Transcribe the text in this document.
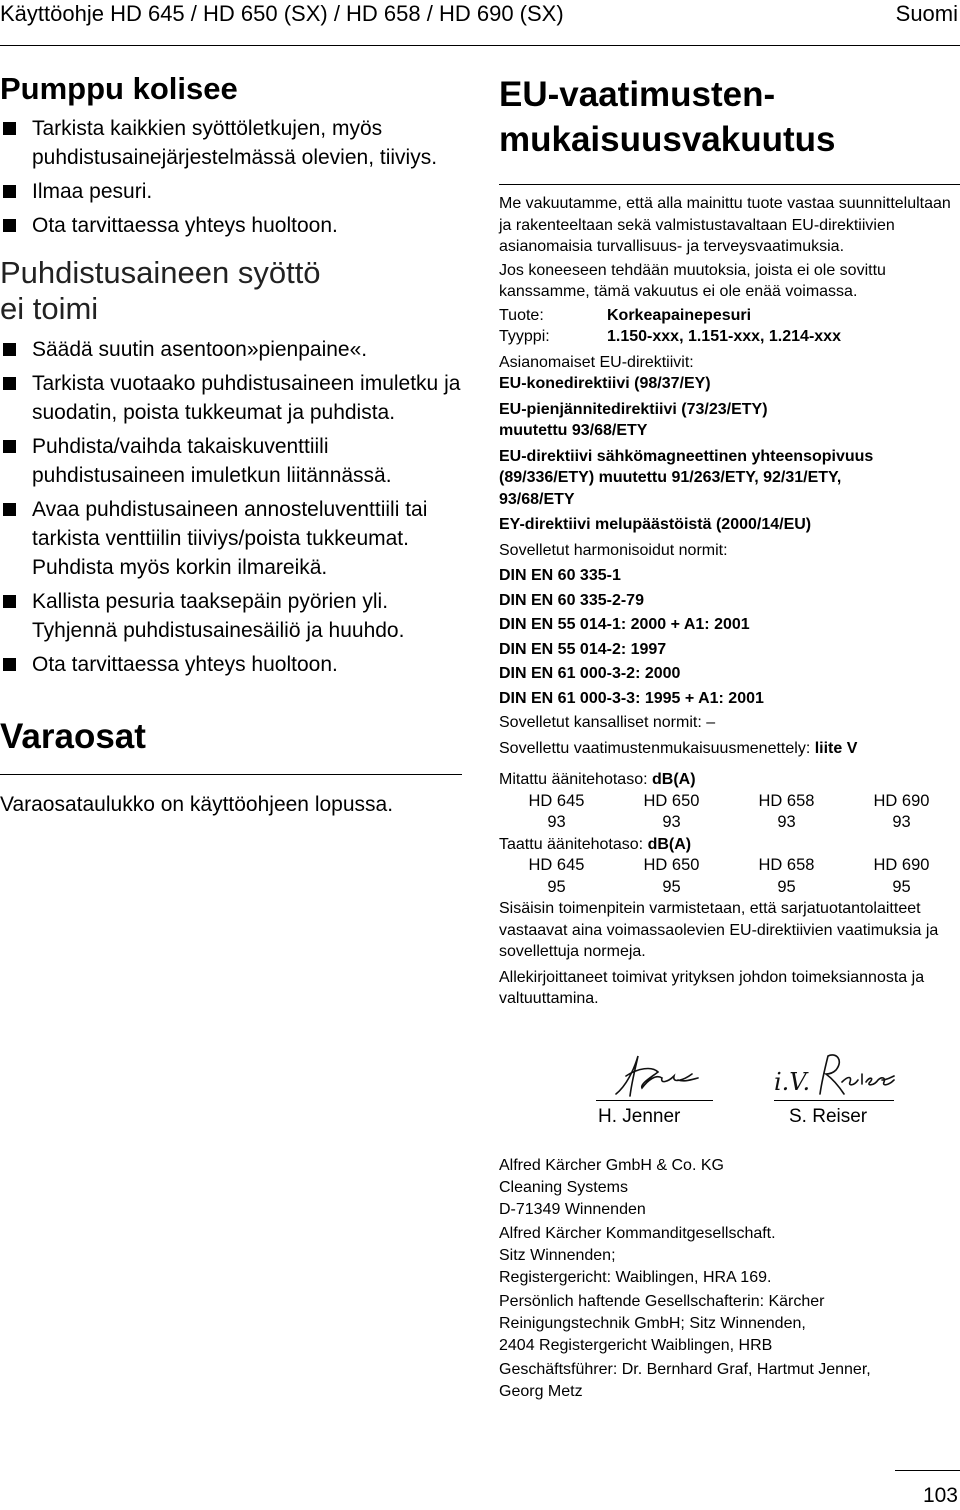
Käyttöohje HD 645 / HD 650 (SX) / HD 658 / HD 690 (SX)	Suomi
Pumppu kolisee
Tarkista kaikkien syöttöletkujen, myös puhdistusainejärjestelmässä olevien, tiiviys.
Ilmaa pesuri.
Ota tarvittaessa yhteys huoltoon.
Puhdistusaineen syöttö
ei toimi
Säädä suutin asentoon»pienpaine«.
Tarkista vuotaako puhdistusaineen imuletku ja suodatin, poista tukkeumat ja puhdista.
Puhdista/vaihda takaiskuventtiili puhdistusaineen imuletkun liitännässä.
Avaa puhdistusaineen annosteluventtiili tai tarkista venttiilin tiiviys/poista tukkeumat. Puhdista myös korkin ilmareikä.
Kallista pesuria taaksepäin pyörien yli. Tyhjennä puhdistusainesäiliö ja huuhdo.
Ota tarvittaessa yhteys huoltoon.
Varaosat
Varaosataulukko on käyttöohjeen lopussa.
EU-vaatimusten-
mukaisuusvakuutus
Me vakuutamme, että alla mainittu tuote vastaa suunnittelultaan ja rakenteeltaan sekä valmistustavaltaan EU-direktiivien asianomaisia turvallisuus- ja terveysvaatimuksia.
Jos koneeseen tehdään muutoksia, joista ei ole sovittu kanssamme, tämä vakuutus ei ole enää voimassa.
Tuote:	Korkeapainepesuri
Tyyppi:	1.150-xxx, 1.151-xxx, 1.214-xxx
Asianomaiset EU-direktiivit:
EU-konedirektiivi (98/37/EY)
EU-pienjännitedirektiivi (73/23/ETY)
muutettu 93/68/ETY
EU-direktiivi sähkömagneettinen yhteensopivuus
(89/336/ETY) muutettu 91/263/ETY, 92/31/ETY,
93/68/ETY
EY-direktiivi melupäästöistä (2000/14/EU)
Sovelletut harmonisoidut normit:
DIN EN 60 335-1
DIN EN 60 335-2-79
DIN EN 55 014-1: 2000 + A1: 2001
DIN EN 55 014-2: 1997
DIN EN 61 000-3-2: 2000
DIN EN 61 000-3-3: 1995 + A1: 2001
Sovelletut kansalliset normit: –
Sovellettu vaatimustenmukaisuusmenettely: liite V
Mitattu äänitehotaso: dB(A)
HD 645	HD 650	HD 658	HD 690
93	93	93	93
Taattu äänitehotaso: dB(A)
HD 645	HD 650	HD 658	HD 690
95	95	95	95
Sisäisin toimenpitein varmistetaan, että sarjatuotantolaitteet vastaavat aina voimassaolevien EU-direktiivien vaatimuksia ja sovellettuja normeja.
Allekirjoittaneet toimivat yrityksen johdon toimeksiannosta ja valtuuttamina.
i.V.
H. Jenner	S. Reiser
Alfred Kärcher GmbH & Co. KG
Cleaning Systems
D-71349 Winnenden
Alfred Kärcher Kommanditgesellschaft.
Sitz Winnenden;
Registergericht: Waiblingen, HRA 169.
Persönlich haftende Gesellschafterin: Kärcher
Reinigungstechnik GmbH; Sitz Winnenden,
2404 Registergericht Waiblingen, HRB
Geschäftsführer: Dr. Bernhard Graf, Hartmut Jenner,
Georg Metz
103
